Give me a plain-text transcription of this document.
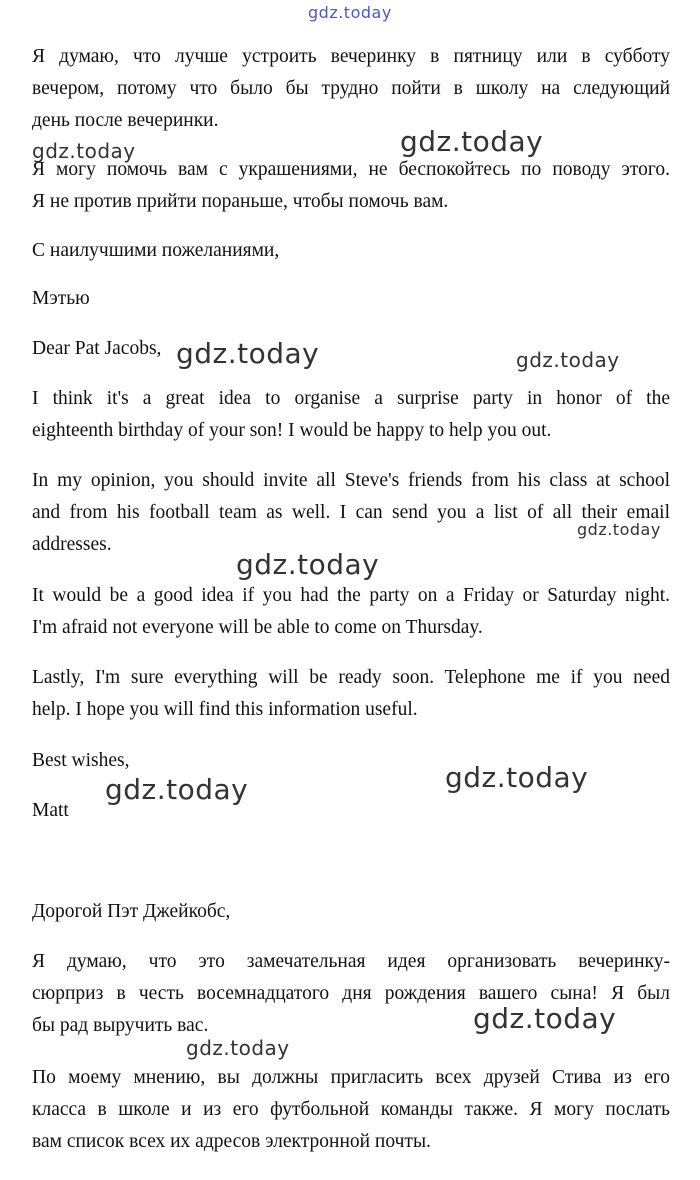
gdz.today
Я думаю, что лучше устроить вечеринку в пятницу или в субботу
вечером, потому что было бы трудно пойти в школу на следующий
день после вечеринки.
Я могу помочь вам с украшениями, не беспокойтесь по поводу этого.
Я не против прийти пораньше, чтобы помочь вам.

С наилучшими пожеланиями,

Мэтью

Dear Pat Jacobs,

I think it's a great idea to organise a surprise party in honor of the
eighteenth birthday of your son! I would be happy to help you out.
In my opinion, you should invite all Steve's friends from his class at school
and from his football team as well. I can send you a list of all their email
addresses.
It would be a good idea if you had the party on a Friday or Saturday night.
I'm afraid not everyone will be able to come on Thursday.
Lastly, I'm sure everything will be ready soon. Telephone me if you need
help. I hope you will find this information useful.

Best wishes,

Matt

Дорогой Пэт Джейкобс,

Я думаю, что это замечательная идея организовать вечеринку-
сюрприз в честь восемнадцатого дня рождения вашего сына! Я был
бы рад выручить вас.
По моему мнению, вы должны пригласить всех друзей Стива из его
класса в школе и из его футбольной команды также. Я могу послать
вам список всех их адресов электронной почты.
gdz.today	gdz.today
gdz.today	gdz.today
gdz.today
gdz.today
gdz.today
gdz.today
gdz.today
gdz.today
